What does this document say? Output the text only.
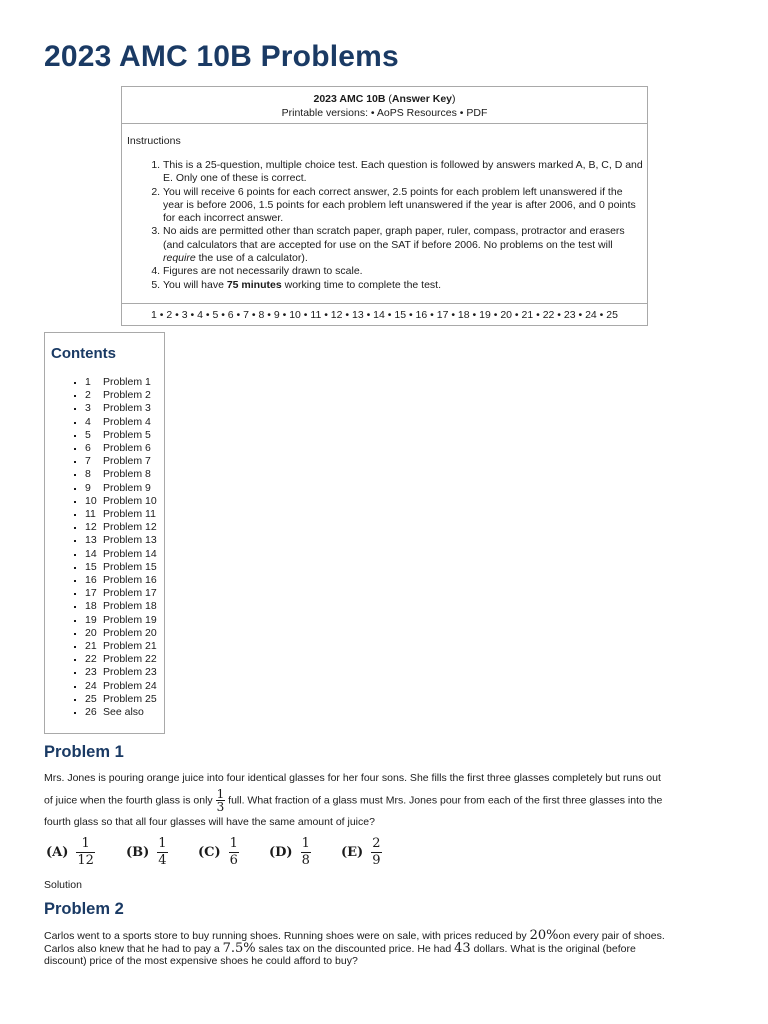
2023 AMC 10B Problems
2023 AMC 10B (Answer Key)
Printable versions: • AoPS Resources • PDF
Instructions
1. This is a 25-question, multiple choice test. Each question is followed by answers marked A, B, C, D and E. Only one of these is correct.
2. You will receive 6 points for each correct answer, 2.5 points for each problem left unanswered if the year is before 2006, 1.5 points for each problem left unanswered if the year is after 2006, and 0 points for each incorrect answer.
3. No aids are permitted other than scratch paper, graph paper, ruler, compass, protractor and erasers (and calculators that are accepted for use on the SAT if before 2006. No problems on the test will require the use of a calculator).
4. Figures are not necessarily drawn to scale.
5. You will have 75 minutes working time to complete the test.
1 • 2 • 3 • 4 • 5 • 6 • 7 • 8 • 9 • 10 • 11 • 12 • 13 • 14 • 15 • 16 • 17 • 18 • 19 • 20 • 21 • 22 • 23 • 24 • 25
Contents
▪ 1 Problem 1
▪ 2 Problem 2
▪ 3 Problem 3
▪ 4 Problem 4
▪ 5 Problem 5
▪ 6 Problem 6
▪ 7 Problem 7
▪ 8 Problem 8
▪ 9 Problem 9
▪ 10 Problem 10
▪ 11 Problem 11
▪ 12 Problem 12
▪ 13 Problem 13
▪ 14 Problem 14
▪ 15 Problem 15
▪ 16 Problem 16
▪ 17 Problem 17
▪ 18 Problem 18
▪ 19 Problem 19
▪ 20 Problem 20
▪ 21 Problem 21
▪ 22 Problem 22
▪ 23 Problem 23
▪ 24 Problem 24
▪ 25 Problem 25
▪ 26 See also
Problem 1
Mrs. Jones is pouring orange juice into four identical glasses for her four sons. She fills the first three glasses completely but runs out
of juice when the fourth glass is only $\frac{1}{3}$ full. What fraction of a glass must Mrs. Jones pour from each of the first three glasses into the
fourth glass so that all four glasses will have the same amount of juice?
$(A) \frac{1}{12} (B) \frac{1}{4} (C) \frac{1}{6} (D) \frac{1}{8} (E) \frac{2}{9}$
Solution
Problem 2
Carlos went to a sports store to buy running shoes. Running shoes were on sale, with prices reduced by 20%on every pair of shoes.
Carlos also knew that he had to pay a 7.5% sales tax on the discounted price. He had 43 dollars. What is the original (before
discount) price of the most expensive shoes he could afford to buy?
